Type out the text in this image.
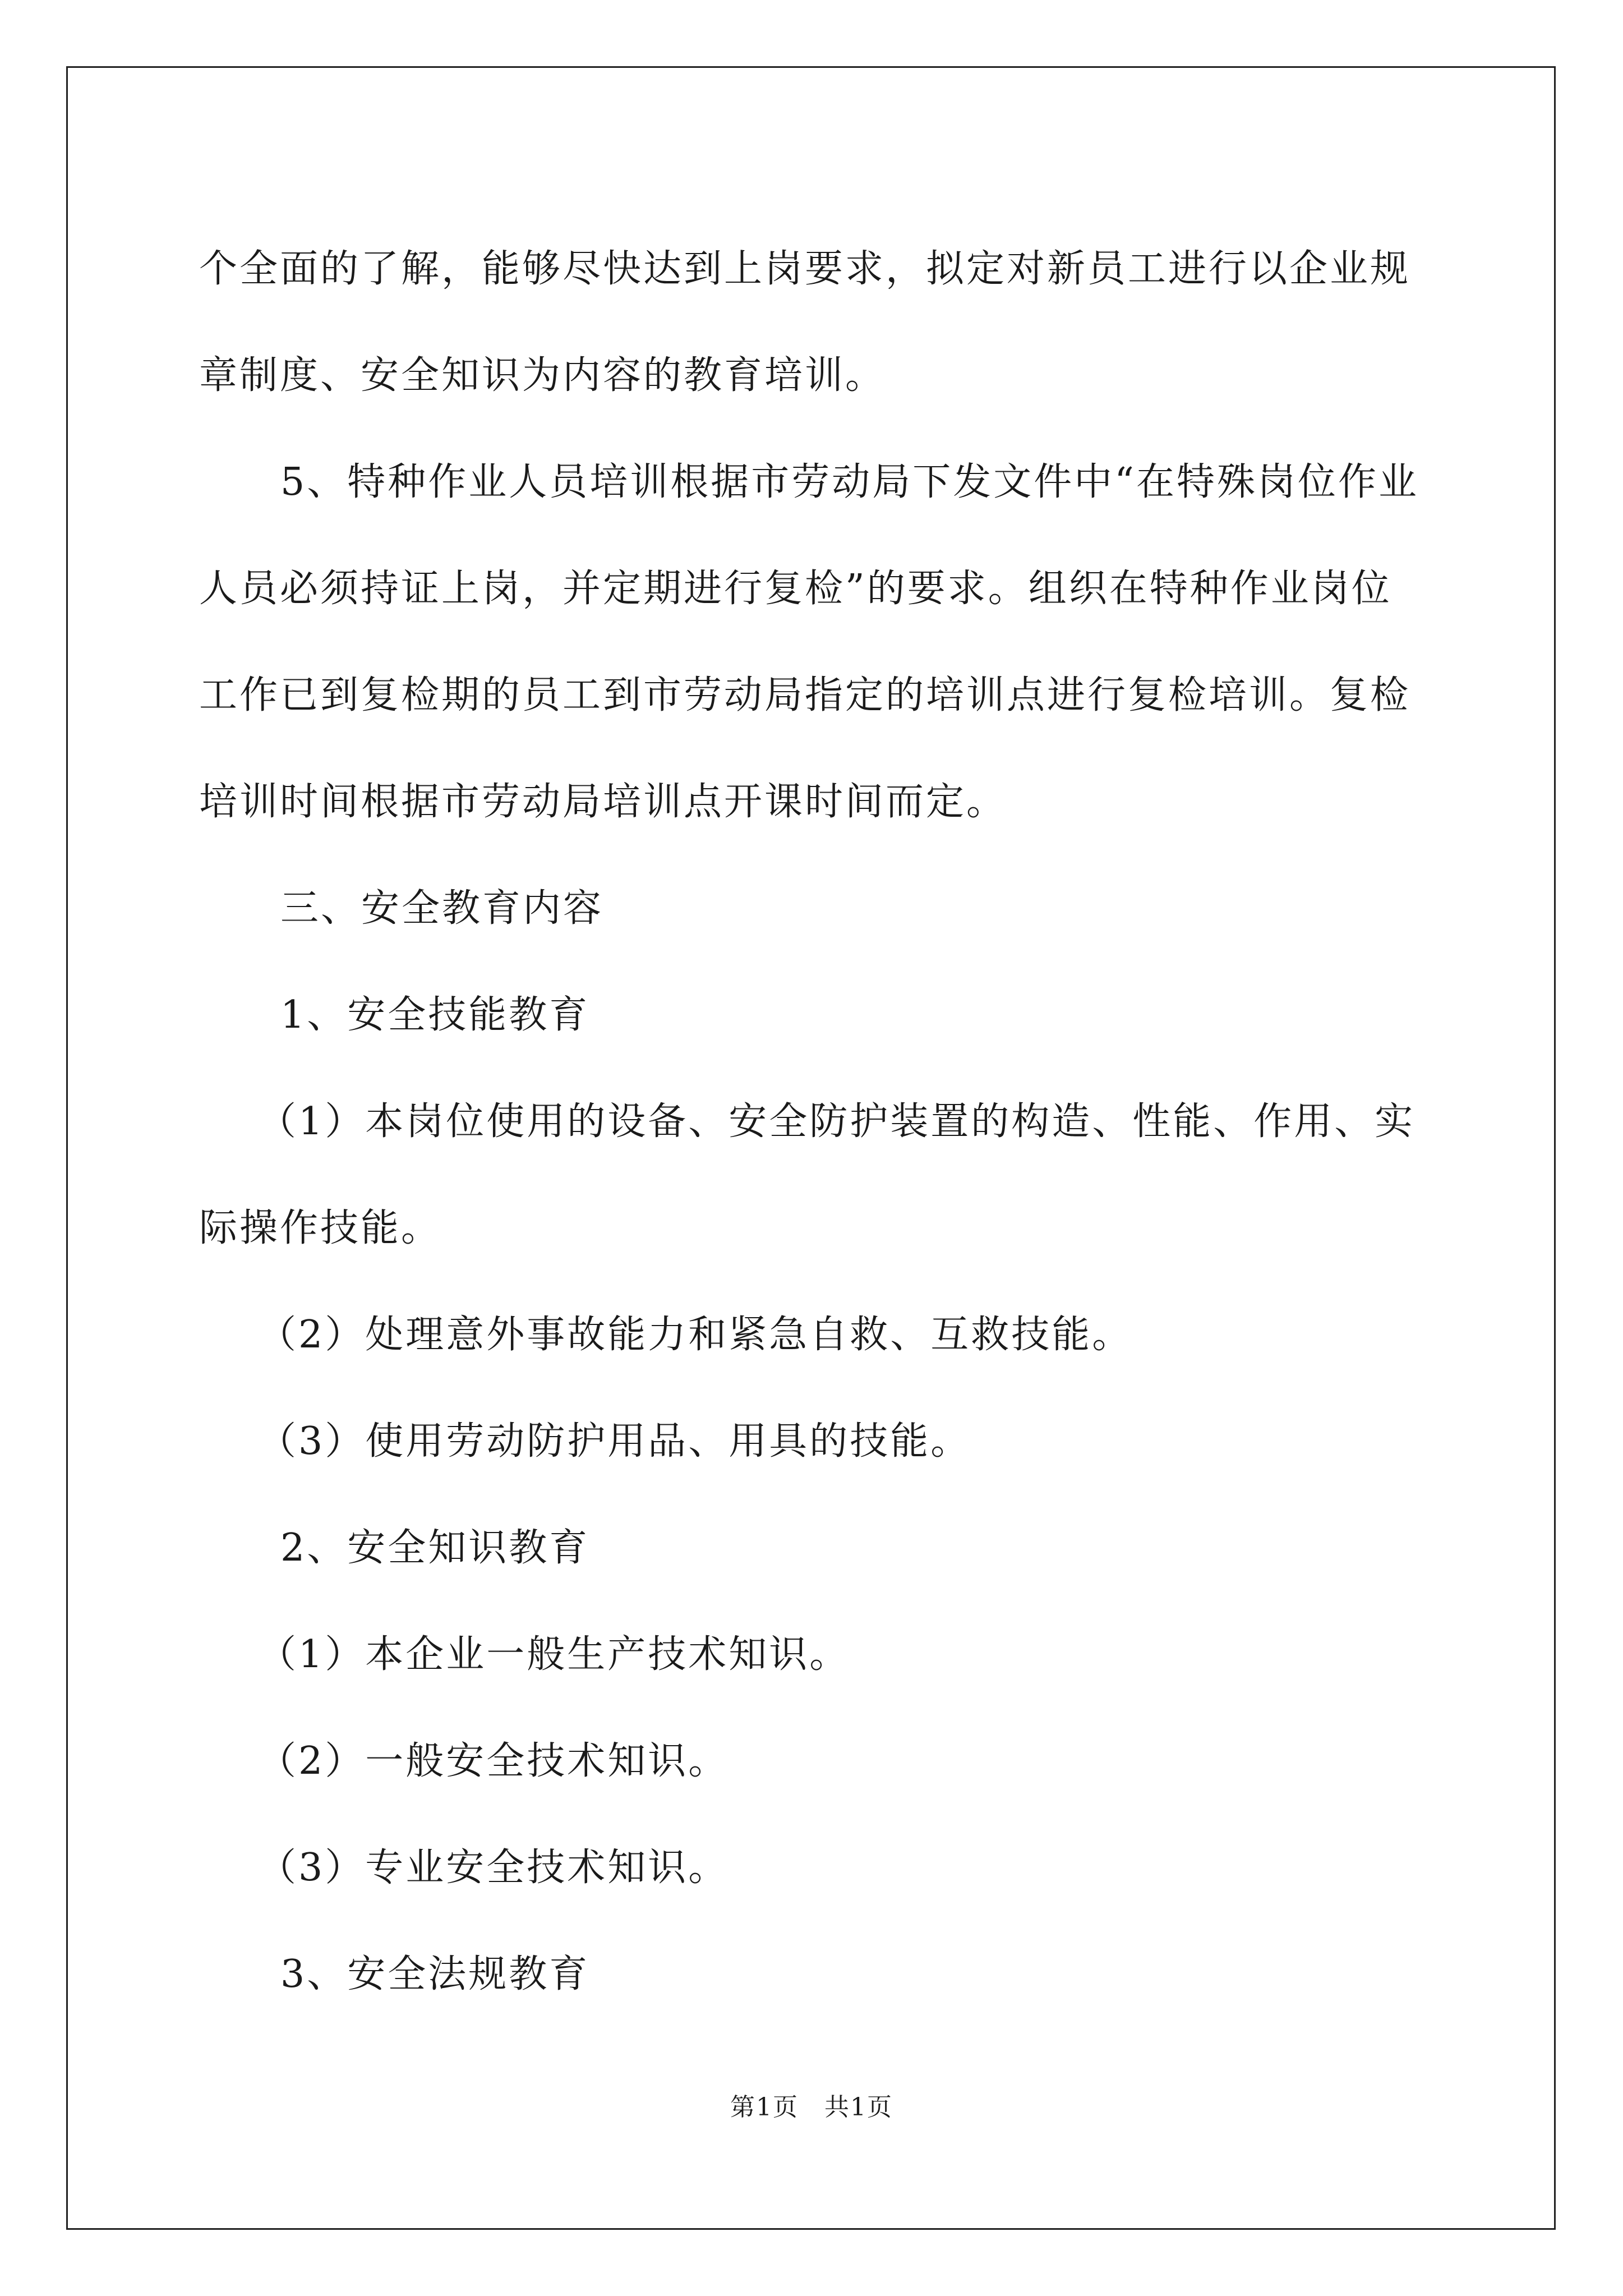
个全面的了解，能够尽快达到上岗要求，拟定对新员工进行以企业规
章制度、安全知识为内容的教育培训。
5、特种作业人员培训根据市劳动局下发文件中“在特殊岗位作业
人员必须持证上岗，并定期进行复检”的要求。组织在特种作业岗位
工作已到复检期的员工到市劳动局指定的培训点进行复检培训。复检
培训时间根据市劳动局培训点开课时间而定。
三、安全教育内容
1、安全技能教育
（1）本岗位使用的设备、安全防护装置的构造、性能、作用、实
际操作技能。
（2）处理意外事故能力和紧急自救、互救技能。
（3）使用劳动防护用品、用具的技能。
2、安全知识教育
（1）本企业一般生产技术知识。
（2）一般安全技术知识。
（3）专业安全技术知识。
3、安全法规教育
第1页　共1页
